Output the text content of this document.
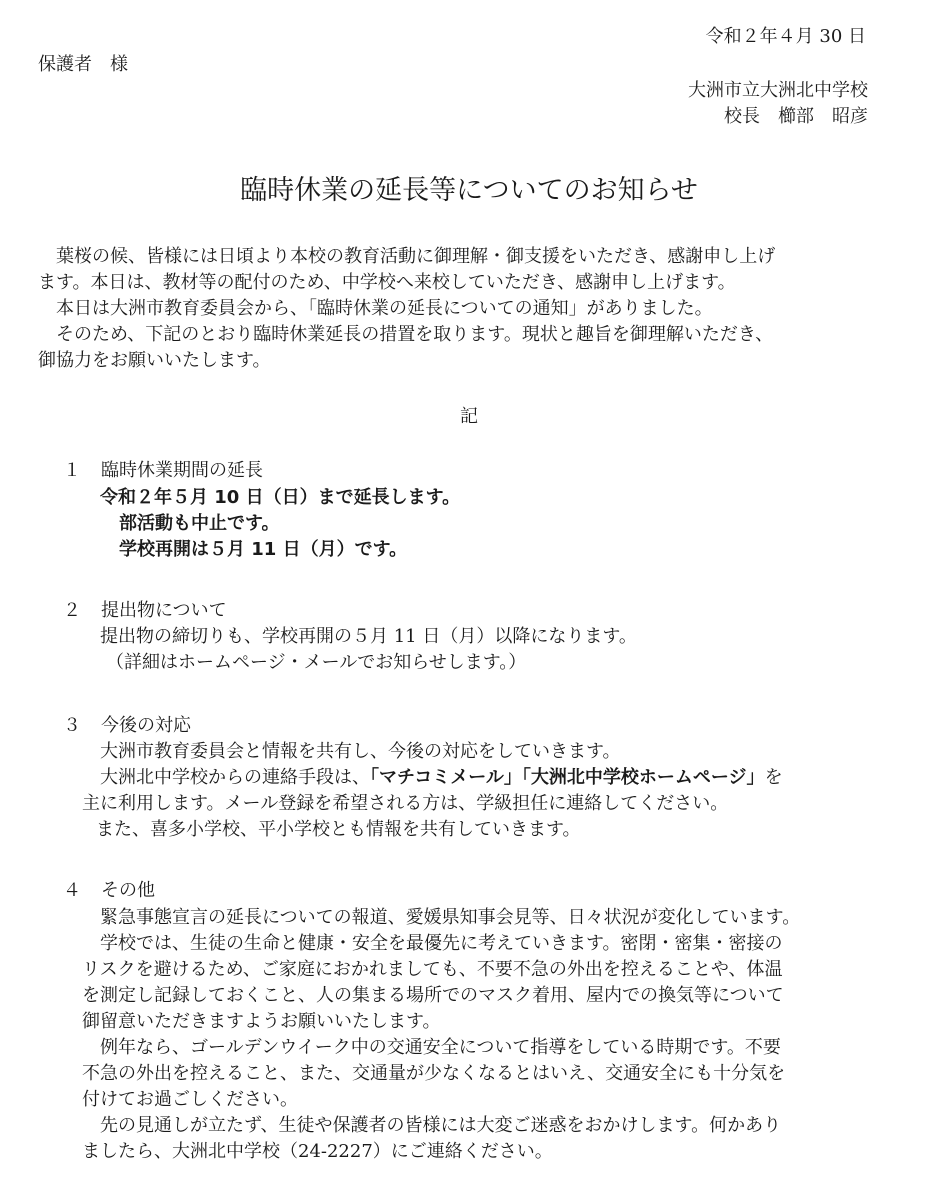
令和２年４月 30 日
保護者　様
大洲市立大洲北中学校
校長　櫛部　昭彦
臨時休業の延長等についてのお知らせ
葉桜の候、皆様には日頃より本校の教育活動に御理解・御支援をいただき、感謝申し上げ
ます。本日は、教材等の配付のため、中学校へ来校していただき、感謝申し上げます。
本日は大洲市教育委員会から、「臨時休業の延長についての通知」がありました。
そのため、下記のとおり臨時休業延長の措置を取ります。現状と趣旨を御理解いただき、
御協力をお願いいたします。
記
１ 臨時休業期間の延長
令和２年５月 10 日（日）まで延長します。
部活動も中止です。
学校再開は５月 11 日（月）です。
２ 提出物について
提出物の締切りも、学校再開の５月 11 日（月）以降になります。
（詳細はホームページ・メールでお知らせします。）
３ 今後の対応
大洲市教育委員会と情報を共有し、今後の対応をしていきます。
大洲北中学校からの連絡手段は、「マチコミメール」「大洲北中学校ホームページ」を
主に利用します。メール登録を希望される方は、学級担任に連絡してください。
また、喜多小学校、平小学校とも情報を共有していきます。
４ その他
緊急事態宣言の延長についての報道、愛媛県知事会見等、日々状況が変化しています。
学校では、生徒の生命と健康・安全を最優先に考えていきます。密閉・密集・密接の
リスクを避けるため、ご家庭におかれましても、不要不急の外出を控えることや、体温
を測定し記録しておくこと、人の集まる場所でのマスク着用、屋内での換気等について
御留意いただきますようお願いいたします。
例年なら、ゴールデンウイーク中の交通安全について指導をしている時期です。不要
不急の外出を控えること、また、交通量が少なくなるとはいえ、交通安全にも十分気を
付けてお過ごしください。
先の見通しが立たず、生徒や保護者の皆様には大変ご迷惑をおかけします。何かあり
ましたら、大洲北中学校（24-2227）にご連絡ください。
